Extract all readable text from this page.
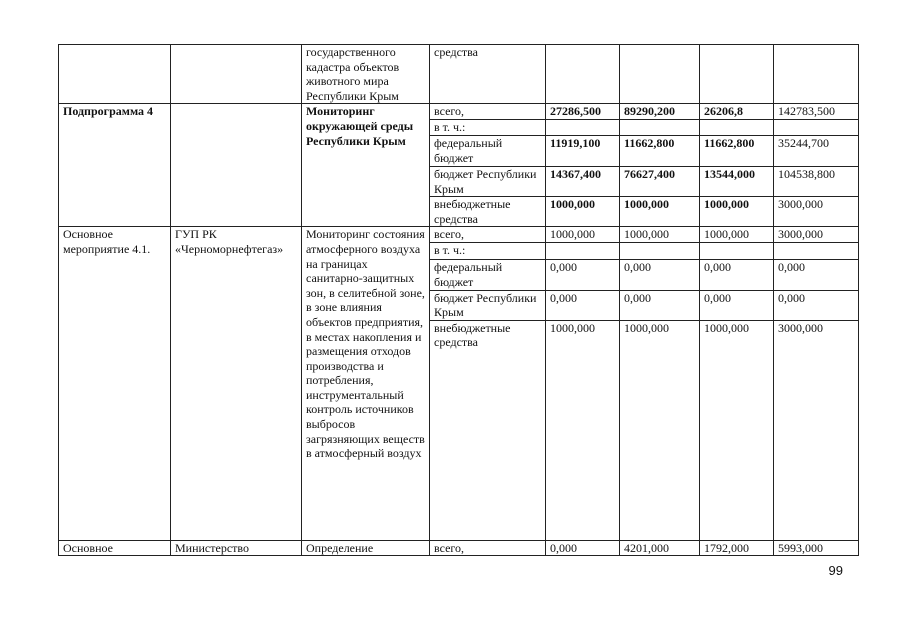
		государственного кадастра объектов животного мира Республики Крым	средства				
Подпрограмма 4		Мониторинг окружающей среды Республики Крым	всего,	27286,500	89290,200	26206,8	142783,500
			в т. ч.:				
			федеральный бюджет	11919,100	11662,800	11662,800	35244,700
			бюджет Республики Крым	14367,400	76627,400	13544,000	104538,800
			внебюджетные средства	1000,000	1000,000	1000,000	3000,000
Основное мероприятие 4.1.	ГУП РК «Черноморнефтегаз»	Мониторинг состояния атмосферного воздуха на границах санитарно-защитных зон, в селитебной зоне, в зоне влияния объектов предприятия, в местах накопления и размещения отходов производства и потребления, инструментальный контроль источников выбросов загрязняющих веществ в атмосферный воздух	всего,	1000,000	1000,000	1000,000	3000,000
			в т. ч.:				
			федеральный бюджет	0,000	0,000	0,000	0,000
			бюджет Республики Крым	0,000	0,000	0,000	0,000
			внебюджетные средства	1000,000	1000,000	1000,000	3000,000
Основное	Министерство	Определение	всего,	0,000	4201,000	1792,000	5993,000
99
